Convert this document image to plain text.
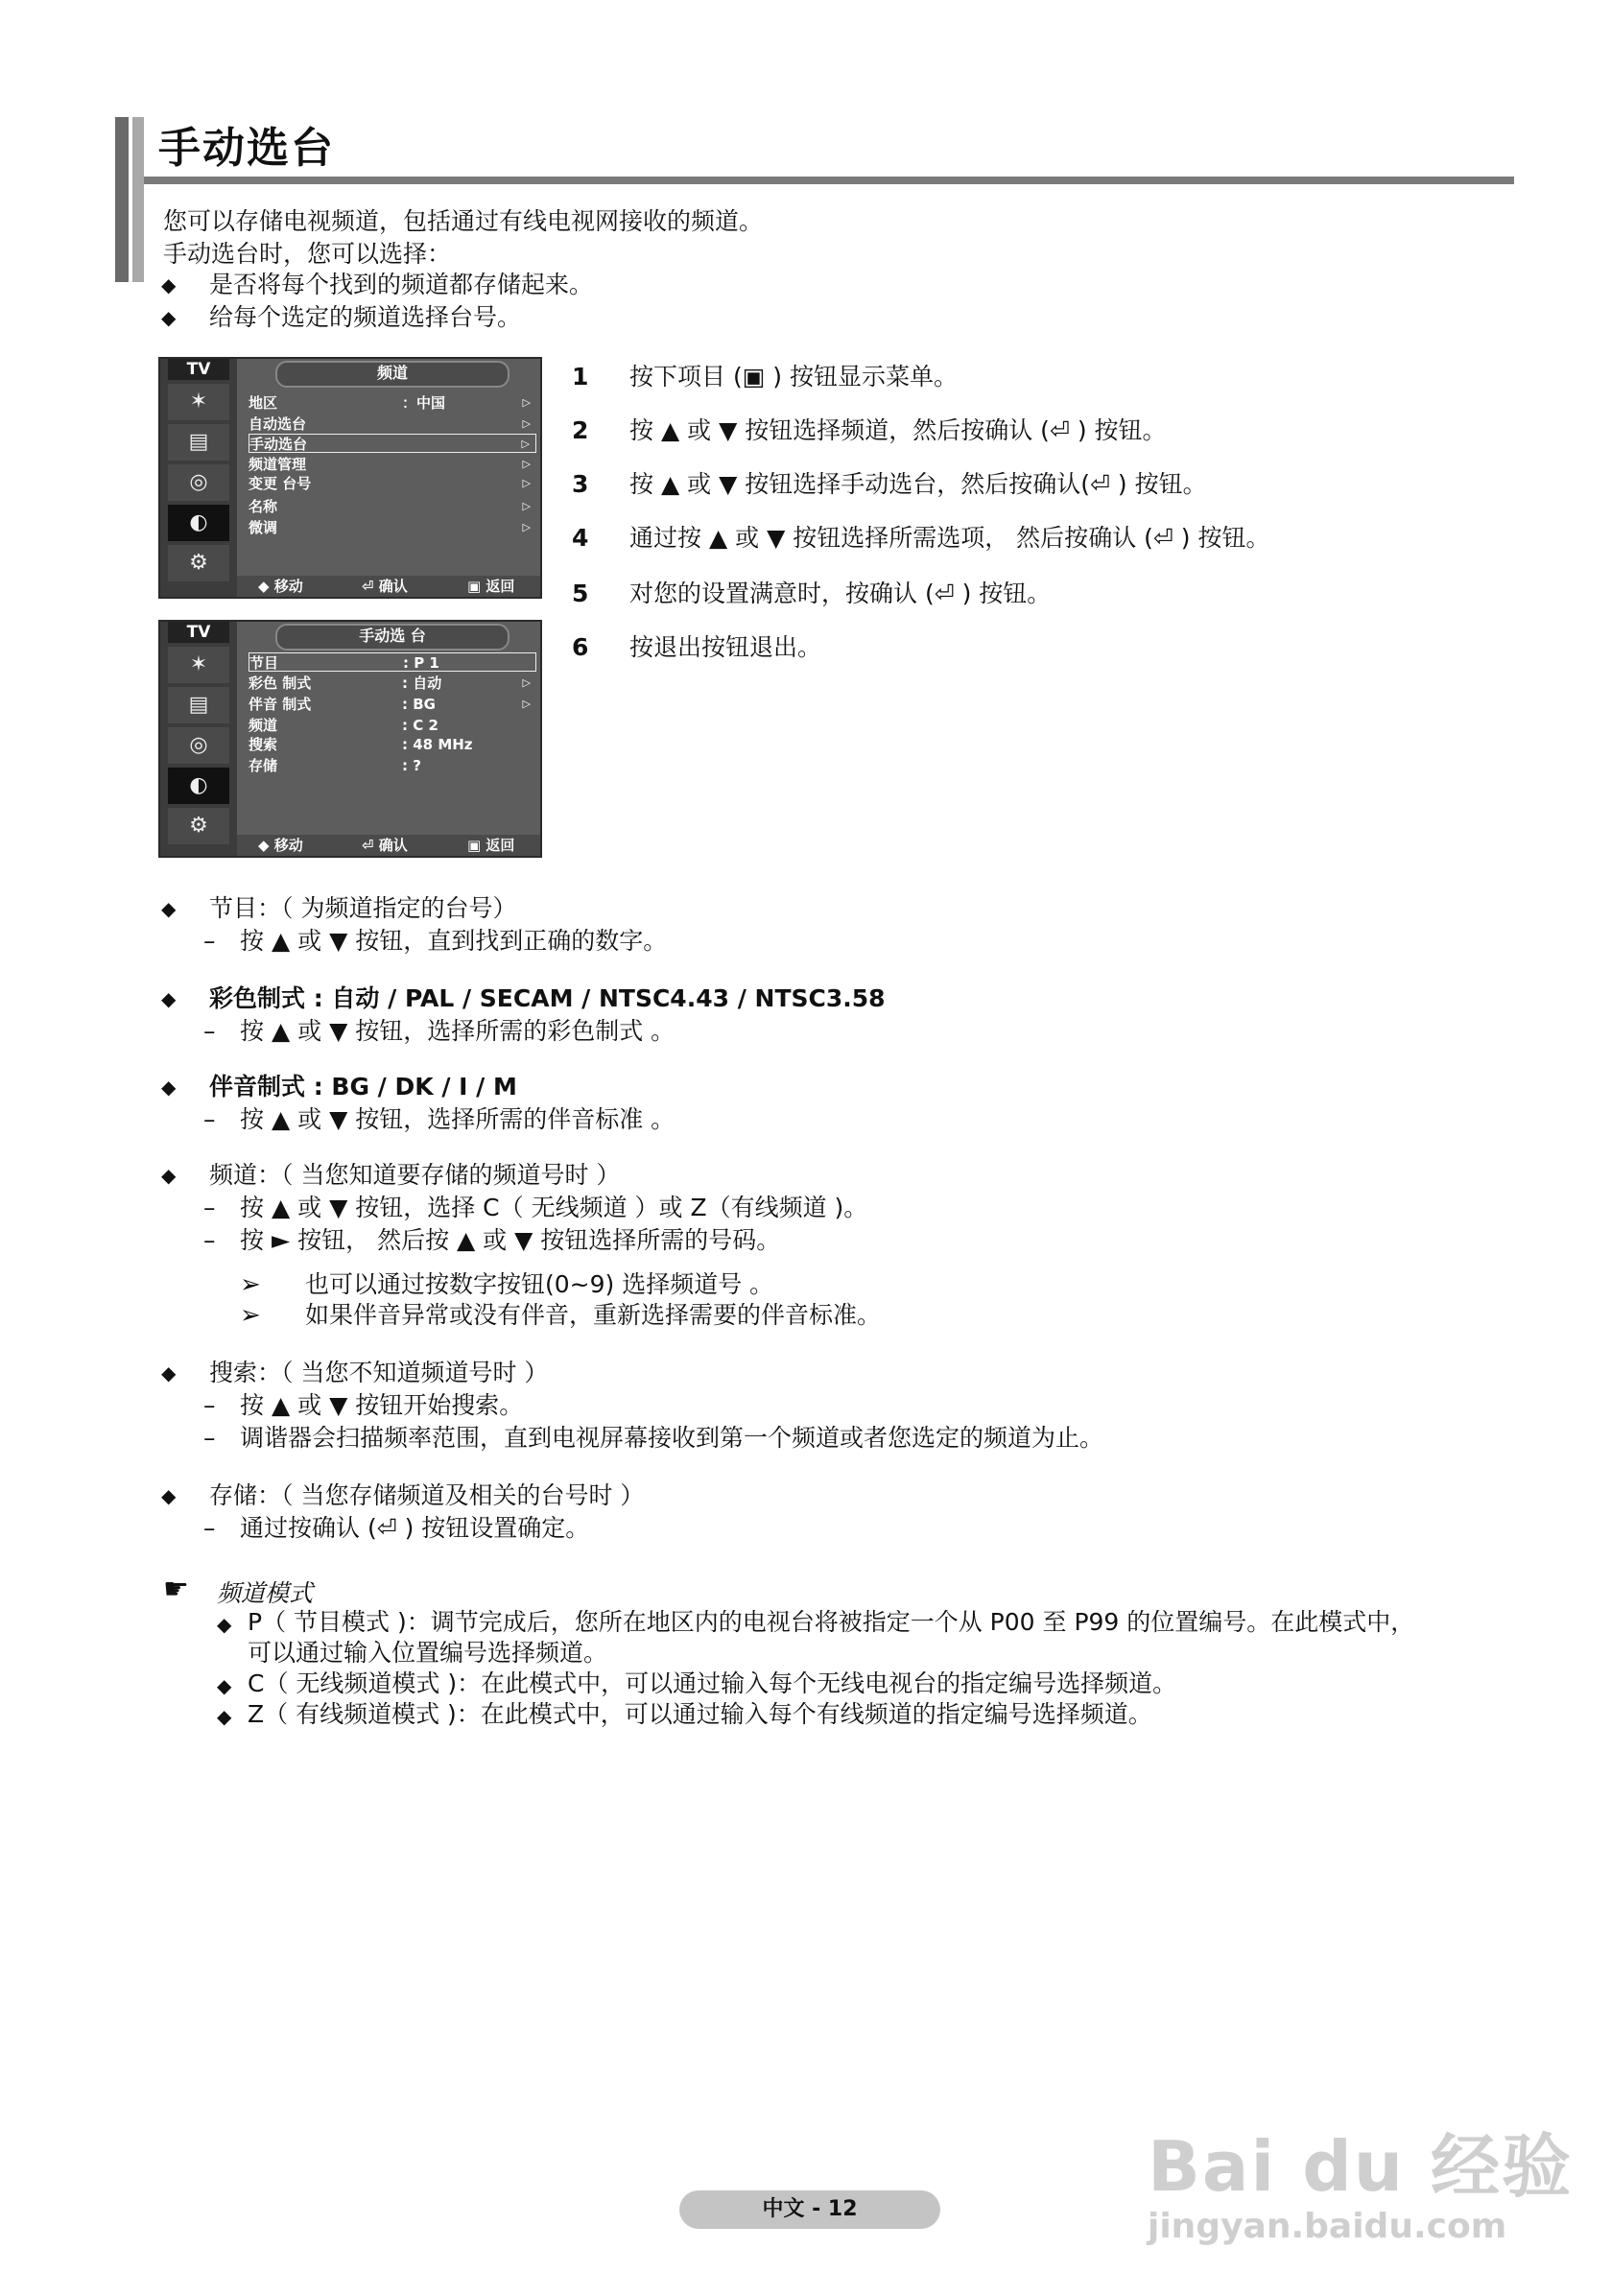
手动选台
您可以存储电视频道，包括通过有线电视网接收的频道。
手动选台时，您可以选择：
◆ 是否将每个找到的频道都存储起来。
◆ 给每个选定的频道选择台号。
TV
✶
▤
◎
◐
⚙
频道
地区	：中国	▷
自动选台	▷
手动选台	▷
频道管理	▷
变更 台号	▷
名称	▷
微调	▷
◆ 移动	⏎ 确认	▣ 返回
TV
✶
▤
◎
◐
⚙
手动选 台
节目	: P 1
彩色 制式	: 自动	▷
伴音 制式	: BG	▷
频道	: C 2
搜索	: 48 MHz
存储	: ?
◆ 移动	⏎ 确认	▣ 返回
1 按下项目 (▣ ) 按钮显示菜单。
2 按 ▲ 或 ▼ 按钮选择频道，然后按确认 (⏎ ) 按钮。
3 按 ▲ 或 ▼ 按钮选择手动选台，然后按确认(⏎ ) 按钮。
4 通过按 ▲ 或 ▼ 按钮选择所需选项， 然后按确认 (⏎ ) 按钮。
5 对您的设置满意时，按确认 (⏎ ) 按钮。
6 按退出按钮退出。
◆ 节目：（ 为频道指定的台号）
– 按 ▲ 或 ▼ 按钮，直到找到正确的数字。
◆ 彩色制式 : 自动 / PAL / SECAM / NTSC4.43 / NTSC3.58
– 按 ▲ 或 ▼ 按钮，选择所需的彩色制式 。
◆ 伴音制式 : BG / DK / I / M
– 按 ▲ 或 ▼ 按钮，选择所需的伴音标准 。
◆ 频道：（ 当您知道要存储的频道号时 ）
– 按 ▲ 或 ▼ 按钮，选择 C（ 无线频道 ）或 Z（有线频道 )。
– 按 ► 按钮， 然后按 ▲ 或 ▼ 按钮选择所需的号码。
➢ 也可以通过按数字按钮(0~9) 选择频道号 。
➢ 如果伴音异常或没有伴音，重新选择需要的伴音标准。
◆ 搜索：（ 当您不知道频道号时 ）
– 按 ▲ 或 ▼ 按钮开始搜索。
– 调谐器会扫描频率范围，直到电视屏幕接收到第一个频道或者您选定的频道为止。
◆ 存储：（ 当您存储频道及相关的台号时 ）
– 通过按确认 (⏎ ) 按钮设置确定。
☛ 频道模式
◆ P（ 节目模式 )：调节完成后，您所在地区内的电视台将被指定一个从 P00 至 P99 的位置编号。在此模式中，
可以通过输入位置编号选择频道。
◆ C（ 无线频道模式 )：在此模式中，可以通过输入每个无线电视台的指定编号选择频道。
◆ Z（ 有线频道模式 )：在此模式中，可以通过输入每个有线频道的指定编号选择频道。
中文 - 12
Bai du 经验
jingyan.baidu.com
